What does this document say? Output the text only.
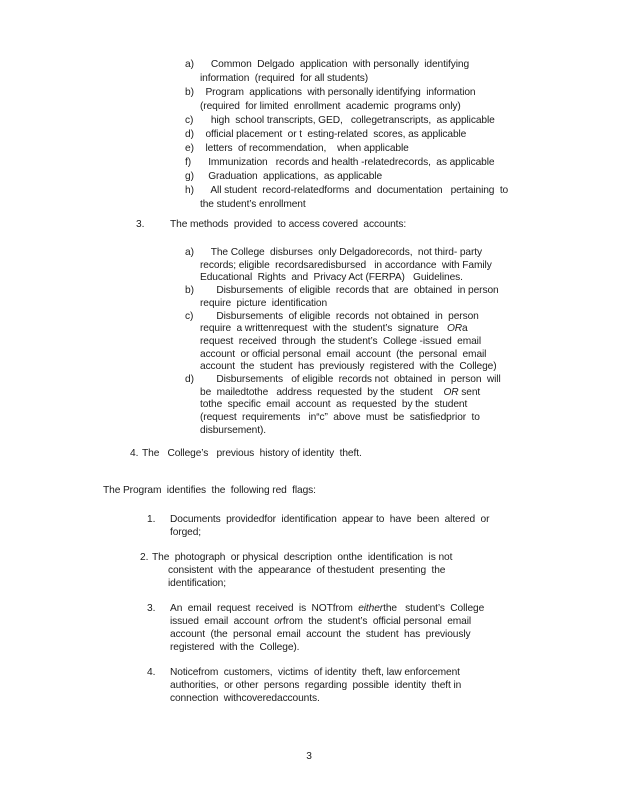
a) Common  Delgado  application  with personally  identifying
information  (required  for all students)
b) Program  applications  with personally identifying  information
(required  for limited  enrollment  academic  programs only)
c) high  school transcripts, GED,   collegetranscripts,  as applicable
d) official placement  or t  esting-related  scores, as applicable
e) letters  of recommendation,    when applicable
f) Immunization   records and health -relatedrecords,  as applicable
g) Graduation  applications,  as applicable
h) All student  record-relatedforms  and  documentation   pertaining  to
the student’s enrollment
3.	The methods  provided  to access covered  accounts:
a) The College  disburses  only Delgadorecords,  not third- party
records; eligible  recordsaredisbursed   in accordance  with Family
Educational  Rights  and  Privacy Act (FERPA)   Guidelines.
b) Disbursements  of eligible  records that  are  obtained  in person
require  picture  identification
c) Disbursements  of eligible  records  not obtained  in  person
require  a writtenrequest  with the  student’s  signature   ORa
request  received  through  the student’s  College -issued  email
account  or official personal  email  account  (the  personal  email
account  the  student  has  previously  registered  with the  College)
d) Disbursements   of eligible  records not  obtained  in  person  will
be  mailedtothe   address  requested  by the  student    OR sent
tothe  specific  email  account  as  requested  by the  student
(request  requirements   in“c”  above  must  be  satisfiedprior  to
disbursement).
4. The   College’s   previous  history of identity  theft.

The Program  identifies  the  following red  flags:

1. Documents  providedfor  identification  appear to  have  been  altered  or
forged;
2. The  photograph  or physical  description  onthe  identification  is not
consistent  with the  appearance  of thestudent  presenting  the
identification;
3. An  email  request  received  is  NOTfrom  eitherthe   student’s  College
issued  email  account  orfrom  the  student’s  official personal  email
account  (the  personal  email  account  the  student  has  previously
registered  with the  College).
4. Noticefrom  customers,  victims  of identity  theft, law enforcement
authorities,  or other  persons  regarding  possible  identity  theft in
connection  withcoveredaccounts.
3
